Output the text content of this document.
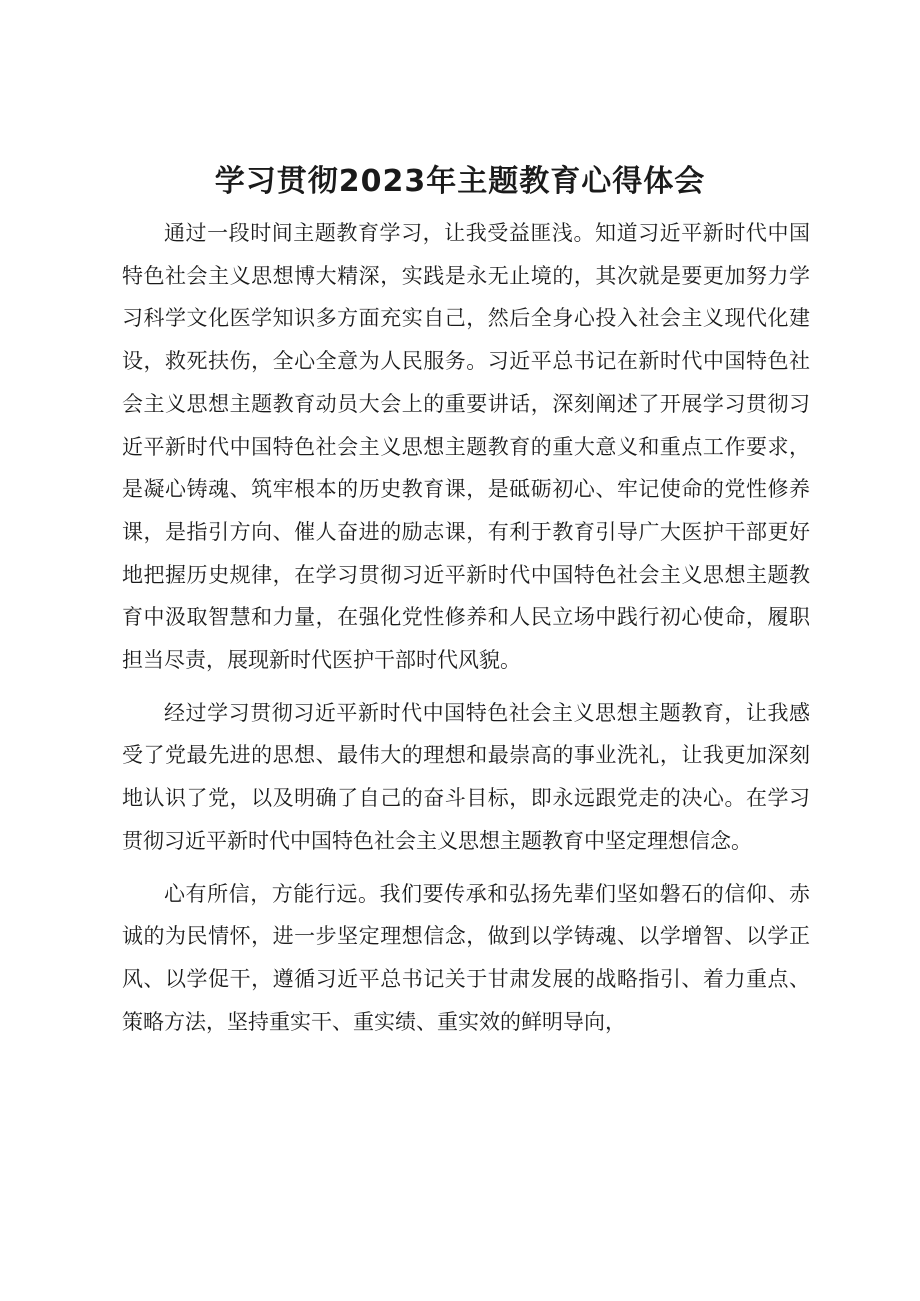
学习贯彻2023年主题教育心得体会

通过一段时间主题教育学习，让我受益匪浅。知道习近平新时代中国特色社会主义思想博大精深，实践是永无止境的，其次就是要更加努力学习科学文化医学知识多方面充实自己，然后全身心投入社会主义现代化建设，救死扶伤，全心全意为人民服务。习近平总书记在新时代中国特色社会主义思想主题教育动员大会上的重要讲话，深刻阐述了开展学习贯彻习近平新时代中国特色社会主义思想主题教育的重大意义和重点工作要求，是凝心铸魂、筑牢根本的历史教育课，是砥砺初心、牢记使命的党性修养课，是指引方向、催人奋进的励志课，有利于教育引导广大医护干部更好地把握历史规律，在学习贯彻习近平新时代中国特色社会主义思想主题教育中汲取智慧和力量，在强化党性修养和人民立场中践行初心使命，履职担当尽责，展现新时代医护干部时代风貌。

经过学习贯彻习近平新时代中国特色社会主义思想主题教育，让我感受了党最先进的思想、最伟大的理想和最崇高的事业洗礼，让我更加深刻地认识了党，以及明确了自己的奋斗目标，即永远跟党走的决心。在学习贯彻习近平新时代中国特色社会主义思想主题教育中坚定理想信念。

心有所信，方能行远。我们要传承和弘扬先辈们坚如磐石的信仰、赤诚的为民情怀，进一步坚定理想信念，做到以学铸魂、以学增智、以学正风、以学促干，遵循习近平总书记关于甘肃发展的战略指引、着力重点、策略方法，坚持重实干、重实绩、重实效的鲜明导向，
